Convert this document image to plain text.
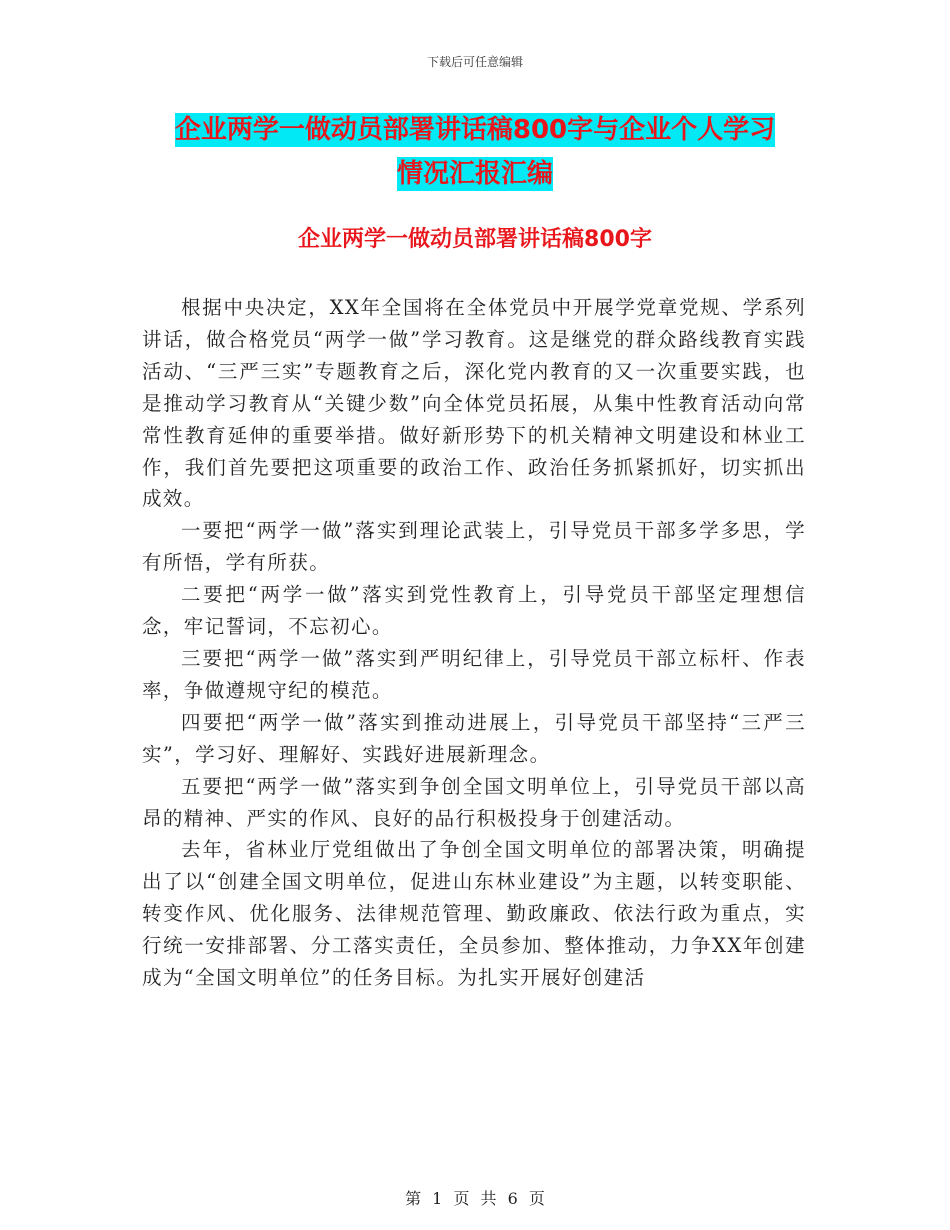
下载后可任意编辑
企业两学一做动员部署讲话稿800字与企业个人学习
情况汇报汇编
企业两学一做动员部署讲话稿800字

根据中央决定，XX年全国将在全体党员中开展学党章党规、学系列讲话，做合格党员“两学一做”学习教育。这是继党的群众路线教育实践活动、“三严三实”专题教育之后，深化党内教育的又一次重要实践，也是推动学习教育从“关键少数”向全体党员拓展，从集中性教育活动向常常性教育延伸的重要举措。做好新形势下的机关精神文明建设和林业工作，我们首先要把这项重要的政治工作、政治任务抓紧抓好，切实抓出成效。

一要把“两学一做”落实到理论武装上，引导党员干部多学多思，学有所悟，学有所获。

二要把“两学一做”落实到党性教育上，引导党员干部坚定理想信念，牢记誓词，不忘初心。

三要把“两学一做”落实到严明纪律上，引导党员干部立标杆、作表率，争做遵规守纪的模范。

四要把“两学一做”落实到推动进展上，引导党员干部坚持“三严三实”，学习好、理解好、实践好进展新理念。

五要把“两学一做”落实到争创全国文明单位上，引导党员干部以高昂的精神、严实的作风、良好的品行积极投身于创建活动。

去年，省林业厅党组做出了争创全国文明单位的部署决策，明确提出了以“创建全国文明单位，促进山东林业建设”为主题，以转变职能、转变作风、优化服务、法律规范管理、勤政廉政、依法行政为重点，实行统一安排部署、分工落实责任，全员参加、整体推动，力争XX年创建成为“全国文明单位”的任务目标。为扎实开展好创建活

第 1 页 共 6 页
